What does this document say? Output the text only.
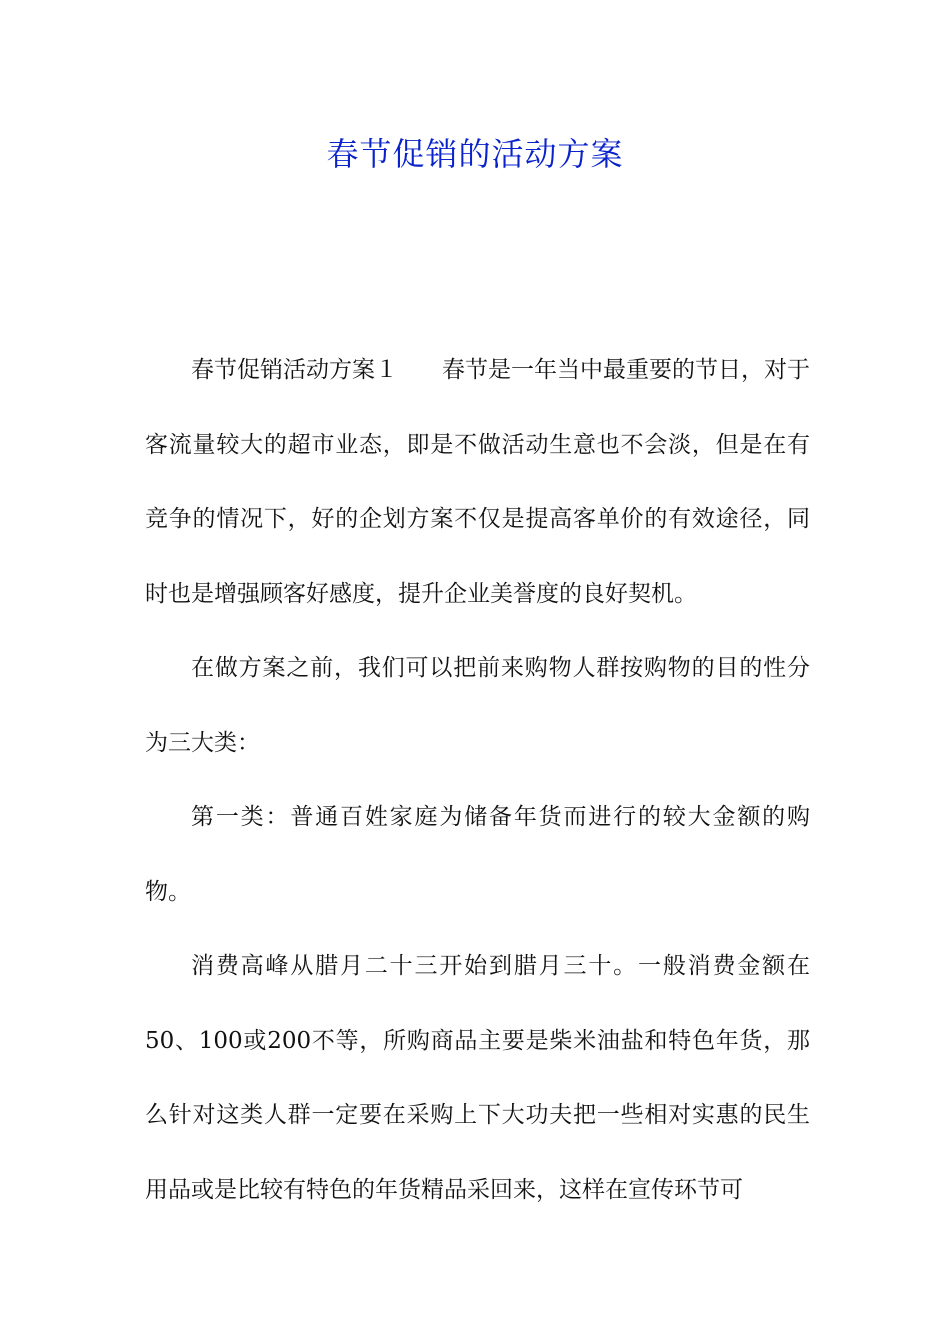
春节促销的活动方案

春节促销活动方案１ 春节是一年当中最重要的节日，对于客流量较大的超市业态，即是不做活动生意也不会淡，但是在有竞争的情况下，好的企划方案不仅是提高客单价的有效途径，同时也是增强顾客好感度，提升企业美誉度的良好契机。

在做方案之前，我们可以把前来购物人群按购物的目的性分为三大类：

第一类：普通百姓家庭为储备年货而进行的较大金额的购物。

消费高峰从腊月二十三开始到腊月三十。一般消费金额在50、100或200不等，所购商品主要是柴米油盐和特色年货，那么针对这类人群一定要在采购上下大功夫把一些相对实惠的民生用品或是比较有特色的年货精品采回来，这样在宣传环节可
